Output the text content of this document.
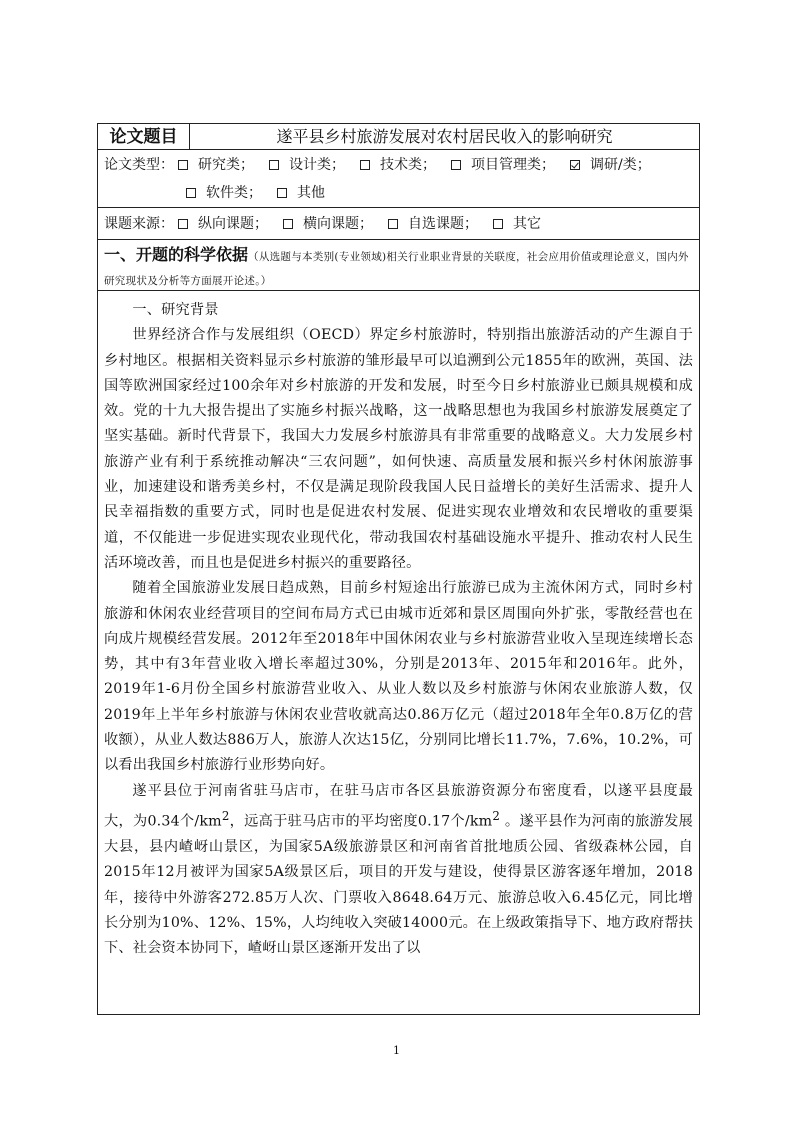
论文题目	遂平县乡村旅游发展对农村居民收入的影响研究
论文类型： 研究类；	设计类；	技术类；	项目管理类；	调研/类；
软件类；	其他
课题来源： 纵向课题；	横向课题；	自选课题；	其它
一、开题的科学依据（从选题与本类别(专业领域)相关行业职业背景的关联度，社会应用价值或理论意义，国内外研究现状及分析等方面展开论述。）

一、研究背景

世界经济合作与发展组织（OECD）界定乡村旅游时，特别指出旅游活动的产生源自于乡村地区。根据相关资料显示乡村旅游的雏形最早可以追溯到公元1855年的欧洲，英国、法国等欧洲国家经过100余年对乡村旅游的开发和发展，时至今日乡村旅游业已颇具规模和成效。党的十九大报告提出了实施乡村振兴战略，这一战略思想也为我国乡村旅游发展奠定了坚实基础。新时代背景下，我国大力发展乡村旅游具有非常重要的战略意义。大力发展乡村旅游产业有利于系统推动解决“三农问题”，如何快速、高质量发展和振兴乡村休闲旅游事业，加速建设和谐秀美乡村，不仅是满足现阶段我国人民日益增长的美好生活需求、提升人民幸福指数的重要方式，同时也是促进农村发展、促进实现农业增效和农民增收的重要渠道，不仅能进一步促进实现农业现代化，带动我国农村基础设施水平提升、推动农村人民生活环境改善，而且也是促进乡村振兴的重要路径。

随着全国旅游业发展日趋成熟，目前乡村短途出行旅游已成为主流休闲方式，同时乡村旅游和休闲农业经营项目的空间布局方式已由城市近郊和景区周围向外扩张，零散经营也在向成片规模经营发展。2012年至2018年中国休闲农业与乡村旅游营业收入呈现连续增长态势，其中有3年营业收入增长率超过30%，分别是2013年、2015年和2016年。此外，2019年1-6月份全国乡村旅游营业收入、从业人数以及乡村旅游与休闲农业旅游人数，仅2019年上半年乡村旅游与休闲农业营收就高达0.86万亿元（超过2018年全年0.8万亿的营收额），从业人数达886万人，旅游人次达15亿，分别同比增长11.7%，7.6%，10.2%，可以看出我国乡村旅游行业形势向好。

遂平县位于河南省驻马店市，在驻马店市各区县旅游资源分布密度看，以遂平县度最大，为0.34个$/km^2$，远高于驻马店市的平均密度0.17个$/km^2$ 。遂平县作为河南的旅游发展大县，县内嵖岈山景区，为国家5A级旅游景区和河南省首批地质公园、省级森林公园，自2015年12月被评为国家5A级景区后，项目的开发与建设，使得景区游客逐年增加，2018年，接待中外游客272.85万人次、门票收入8648.64万元、旅游总收入6.45亿元，同比增长分别为10%、12%、15%，人均纯收入突破14000元。在上级政策指导下、地方政府帮扶下、社会资本协同下，嵖岈山景区逐渐开发出了以

1
